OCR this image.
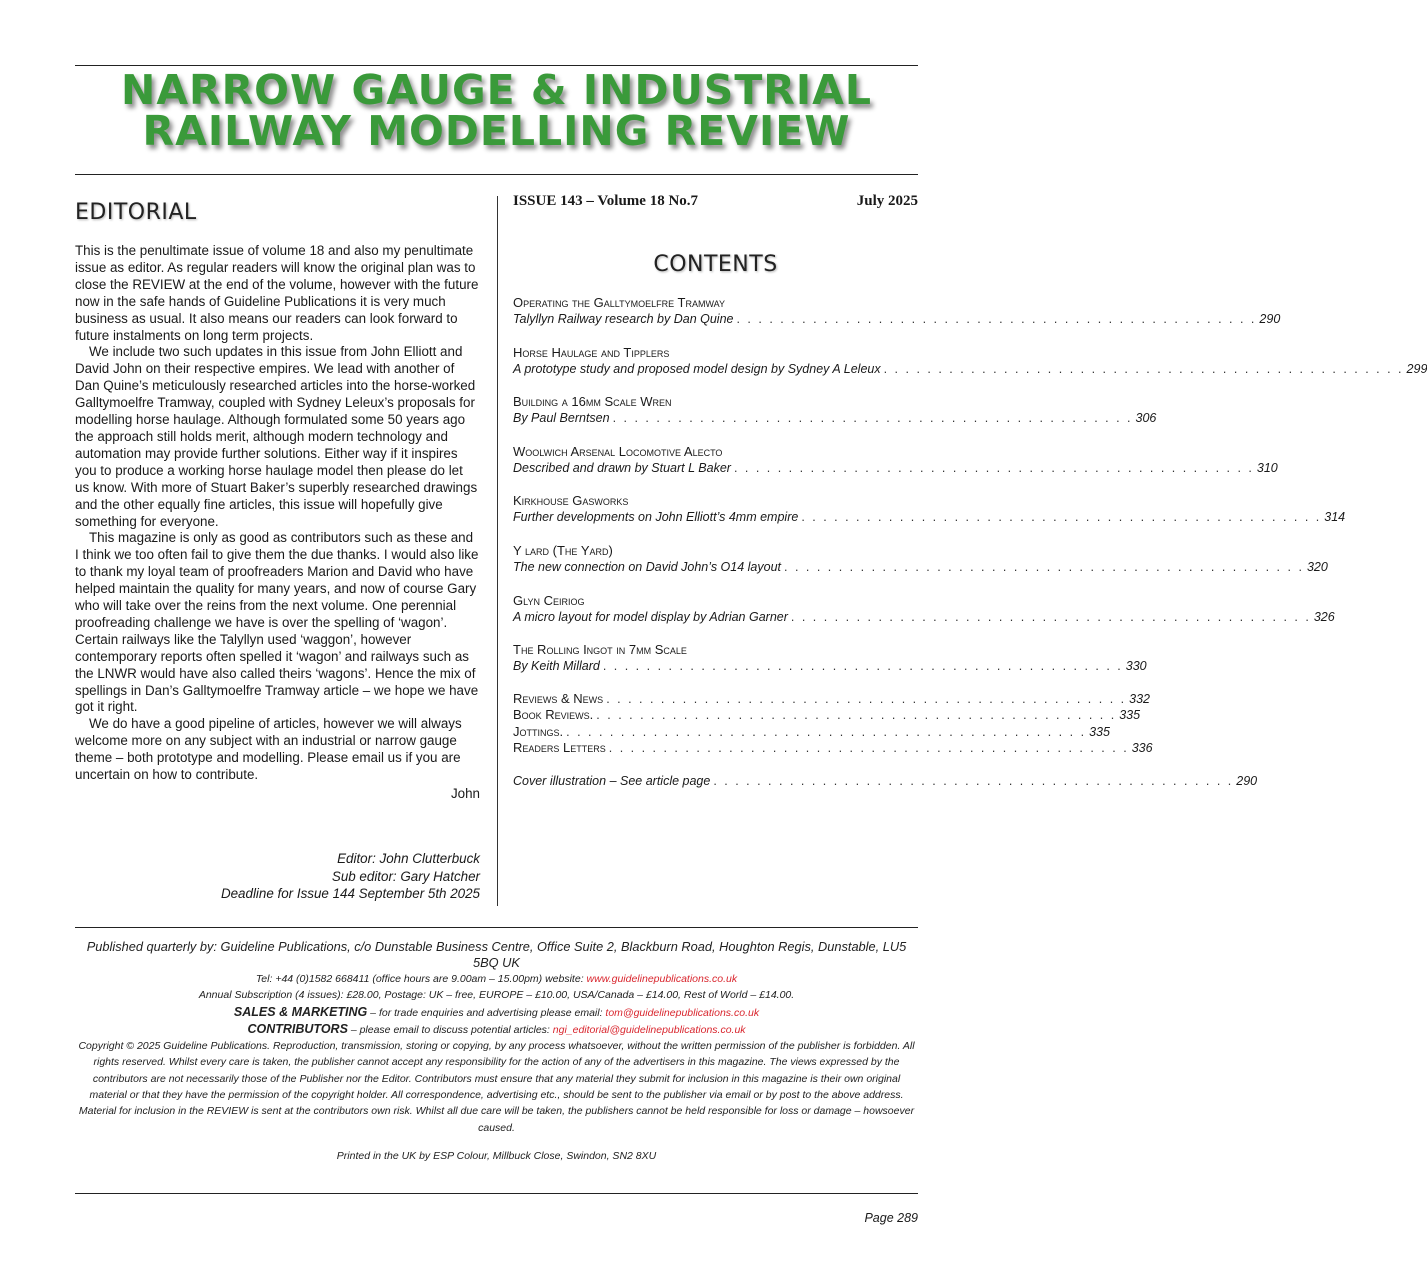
NARROW GAUGE & INDUSTRIAL
RAILWAY MODELLING REVIEW
EDITORIAL

This is the penultimate issue of volume 18 and also my penultimate issue as editor. As regular readers will know the original plan was to close the REVIEW at the end of the volume, however with the future now in the safe hands of Guideline Publications it is very much business as usual. It also means our readers can look forward to future instalments on long term projects.

We include two such updates in this issue from John Elliott and David John on their respective empires. We lead with another of Dan Quine’s meticulously researched articles into the horse-worked Galltymoelfre Tramway, coupled with Sydney Leleux’s proposals for modelling horse haulage. Although formulated some 50 years ago the approach still holds merit, although modern technology and automation may provide further solutions. Either way if it inspires you to produce a working horse haulage model then please do let us know. With more of Stuart Baker’s superbly researched drawings and the other equally fine articles, this issue will hopefully give something for everyone.

This magazine is only as good as contributors such as these and I think we too often fail to give them the due thanks. I would also like to thank my loyal team of proofreaders Marion and David who have helped maintain the quality for many years, and now of course Gary who will take over the reins from the next volume. One perennial proofreading challenge we have is over the spelling of ‘wagon’. Certain railways like the Talyllyn used ‘waggon’, however contemporary reports often spelled it ‘wagon’ and railways such as the LNWR would have also called theirs ‘wagons’. Hence the mix of spellings in Dan’s Galltymoelfre Tramway article – we hope we have got it right.

We do have a good pipeline of articles, however we will always welcome more on any subject with an industrial or narrow gauge theme – both prototype and modelling. Please email us if you are uncertain on how to contribute.

John
Editor: John Clutterbuck
Sub editor: Gary Hatcher
Deadline for Issue 144 September 5th 2025
ISSUE 143 – Volume 18 No.7	July 2025
CONTENTS
Operating the Galltymoelfre Tramway
Talyllyn Railway research by Dan Quine . . . . . . . . . . . . . . . . . . . . . . . . . . . . . . . . . . . . . . . . . . . . . . . . 290
Horse Haulage and Tipplers
A prototype study and proposed model design by Sydney A Leleux . . . . . . . . . . . . . . . . . . . . . . . . . . . . . . . . . . . . . . . . . . . . . . . . 299
Building a 16mm Scale Wren
By Paul Berntsen . . . . . . . . . . . . . . . . . . . . . . . . . . . . . . . . . . . . . . . . . . . . . . . . 306
Woolwich Arsenal Locomotive Alecto
Described and drawn by Stuart L Baker . . . . . . . . . . . . . . . . . . . . . . . . . . . . . . . . . . . . . . . . . . . . . . . . 310
Kirkhouse Gasworks
Further developments on John Elliott’s 4mm empire . . . . . . . . . . . . . . . . . . . . . . . . . . . . . . . . . . . . . . . . . . . . . . . . 314
Y lard (The Yard)
The new connection on David John’s O14 layout . . . . . . . . . . . . . . . . . . . . . . . . . . . . . . . . . . . . . . . . . . . . . . . . 320
Glyn Ceiriog
A micro layout for model display by Adrian Garner . . . . . . . . . . . . . . . . . . . . . . . . . . . . . . . . . . . . . . . . . . . . . . . . 326
The Rolling Ingot in 7mm Scale
By Keith Millard . . . . . . . . . . . . . . . . . . . . . . . . . . . . . . . . . . . . . . . . . . . . . . . . 330
Reviews & News . . . . . . . . . . . . . . . . . . . . . . . . . . . . . . . . . . . . . . . . . . . . . . . . 332
Book Reviews. . . . . . . . . . . . . . . . . . . . . . . . . . . . . . . . . . . . . . . . . . . . . . . . . 335
Jottings. . . . . . . . . . . . . . . . . . . . . . . . . . . . . . . . . . . . . . . . . . . . . . . . . 335
Readers Letters . . . . . . . . . . . . . . . . . . . . . . . . . . . . . . . . . . . . . . . . . . . . . . . . 336
Cover illustration – See article page . . . . . . . . . . . . . . . . . . . . . . . . . . . . . . . . . . . . . . . . . . . . . . . . 290
Published quarterly by: Guideline Publications, c/o Dunstable Business Centre, Office Suite 2, Blackburn Road, Houghton Regis, Dunstable, LU5 5BQ UK
Tel: +44 (0)1582 668411 (office hours are 9.00am – 15.00pm) website: www.guidelinepublications.co.uk
Annual Subscription (4 issues): £28.00, Postage: UK – free, EUROPE – £10.00, USA/Canada – £14.00, Rest of World – £14.00.
SALES & MARKETING – for trade enquiries and advertising please email: tom@guidelinepublications.co.uk
CONTRIBUTORS – please email to discuss potential articles: ngi_editorial@guidelinepublications.co.uk
Copyright © 2025 Guideline Publications. Reproduction, transmission, storing or copying, by any process whatsoever, without the written permission of the publisher is forbidden. All rights reserved. Whilst every care is taken, the publisher cannot accept any responsibility for the action of any of the advertisers in this magazine. The views expressed by the contributors are not necessarily those of the Publisher nor the Editor. Contributors must ensure that any material they submit for inclusion in this magazine is their own original material or that they have the permission of the copyright holder. All correspondence, advertising etc., should be sent to the publisher via email or by post to the above address. Material for inclusion in the REVIEW is sent at the contributors own risk. Whilst all due care will be taken, the publishers cannot be held responsible for loss or damage – howsoever caused.
Printed in the UK by ESP Colour, Millbuck Close, Swindon, SN2 8XU
Page 289
